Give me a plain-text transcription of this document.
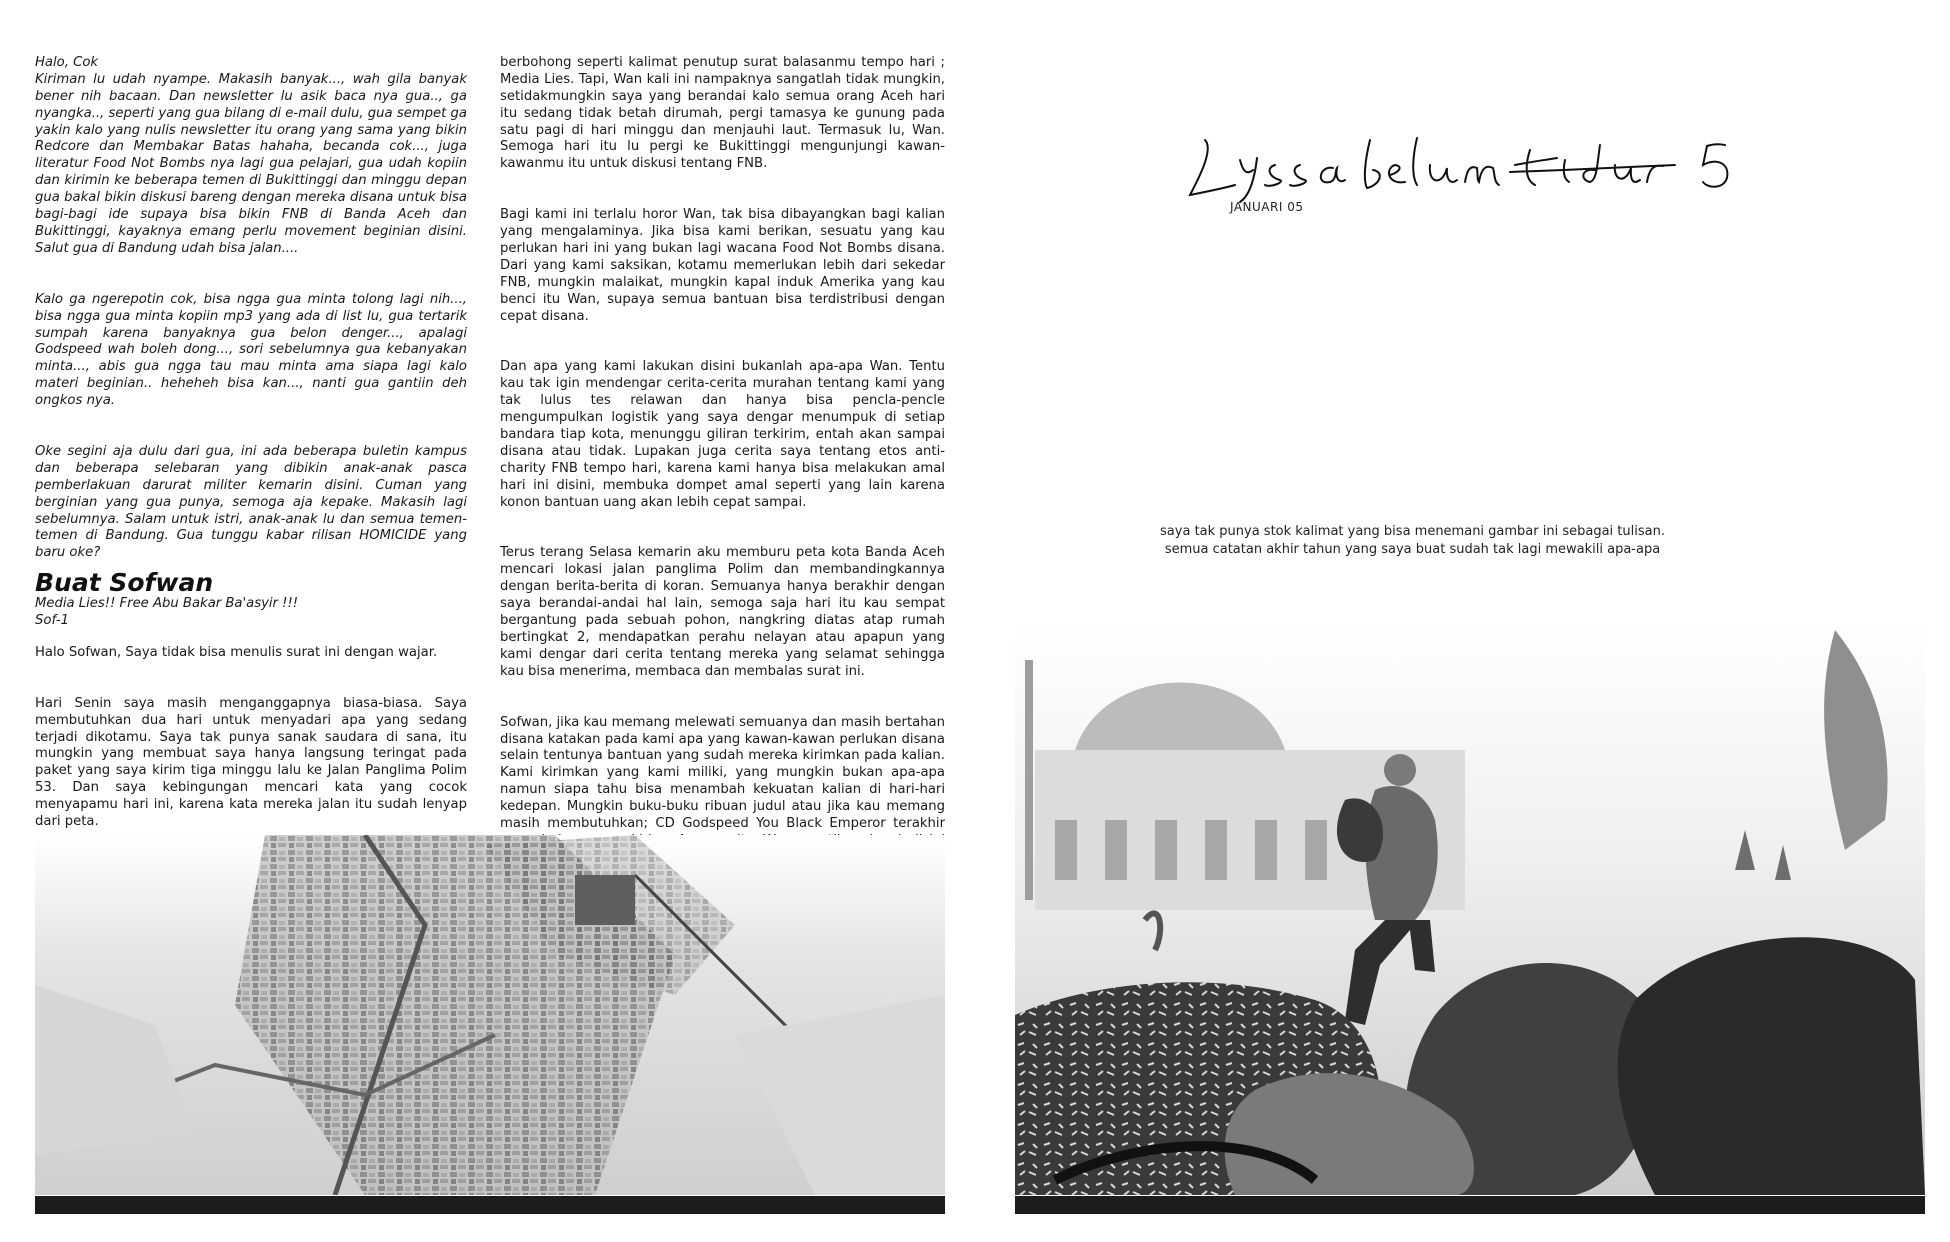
Halo, Cok
Kiriman lu udah nyampe. Makasih banyak..., wah gila banyak bener nih bacaan. Dan newsletter lu asik baca nya gua.., ga nyangka.., seperti yang gua bilang di e-mail dulu, gua sempet ga yakin kalo yang nulis newsletter itu orang yang sama yang bikin Redcore dan Membakar Batas hahaha, becanda cok..., juga literatur Food Not Bombs nya lagi gua pelajari, gua udah kopiin dan kirimin ke beberapa temen di Bukittinggi dan minggu depan gua bakal bikin diskusi bareng dengan mereka disana untuk bisa bagi-bagi ide supaya bisa bikin FNB di Banda Aceh dan Bukittinggi, kayaknya emang perlu movement beginian disini. Salut gua di Bandung udah bisa jalan....

Kalo ga ngerepotin cok, bisa ngga gua minta tolong lagi nih..., bisa ngga gua minta kopiin mp3 yang ada di list lu, gua tertarik sumpah karena banyaknya gua belon denger..., apalagi Godspeed wah boleh dong..., sori sebelumnya gua kebanyakan minta..., abis gua ngga tau mau minta ama siapa lagi kalo materi beginian.. heheheh bisa kan..., nanti gua gantiin deh ongkos nya.

Oke segini aja dulu dari gua, ini ada beberapa buletin kampus dan beberapa selebaran yang dibikin anak-anak pasca pemberlakuan darurat militer kemarin disini. Cuman yang berginian yang gua punya, semoga aja kepake. Makasih lagi sebelumnya. Salam untuk istri, anak-anak lu dan semua temen-temen di Bandung. Gua tunggu kabar rilisan HOMICIDE yang baru oke?

Media Lies!! Free Abu Bakar Ba'asyir !!!
Sof-1

Buat Sofwan

Halo Sofwan, Saya tidak bisa menulis surat ini dengan wajar.

Hari Senin saya masih menganggapnya biasa-biasa. Saya membutuhkan dua hari untuk menyadari apa yang sedang terjadi dikotamu. Saya tak punya sanak saudara di sana, itu mungkin yang membuat saya hanya langsung teringat pada paket yang saya kirim tiga minggu lalu ke Jalan Panglima Polim 53. Dan saya kebingungan mencari kata yang cocok menyapamu hari ini, karena kata mereka jalan itu sudah lenyap dari peta.

berbohong seperti kalimat penutup surat balasanmu tempo hari ; Media Lies. Tapi, Wan kali ini nampaknya sangatlah tidak mungkin, setidakmungkin saya yang berandai kalo semua orang Aceh hari itu sedang tidak betah dirumah, pergi tamasya ke gunung pada satu pagi di hari minggu dan menjauhi laut. Termasuk lu, Wan. Semoga hari itu lu pergi ke Bukittinggi mengunjungi kawan-kawanmu itu untuk diskusi tentang FNB.

Bagi kami ini terlalu horor Wan, tak bisa dibayangkan bagi kalian yang mengalaminya. Jika bisa kami berikan, sesuatu yang kau perlukan hari ini yang bukan lagi wacana Food Not Bombs disana. Dari yang kami saksikan, kotamu memerlukan lebih dari sekedar FNB, mungkin malaikat, mungkin kapal induk Amerika yang kau benci itu Wan, supaya semua bantuan bisa terdistribusi dengan cepat disana.

Dan apa yang kami lakukan disini bukanlah apa-apa Wan. Tentu kau tak igin mendengar cerita-cerita murahan tentang kami yang tak lulus tes relawan dan hanya bisa pencla-pencle mengumpulkan logistik yang saya dengar menumpuk di setiap bandara tiap kota, menunggu giliran terkirim, entah akan sampai disana atau tidak. Lupakan juga cerita saya tentang etos anti-charity FNB tempo hari, karena kami hanya bisa melakukan amal hari ini disini, membuka dompet amal seperti yang lain karena konon bantuan uang akan lebih cepat sampai.

Terus terang Selasa kemarin aku memburu peta kota Banda Aceh mencari lokasi jalan panglima Polim dan membandingkannya dengan berita-berita di koran. Semuanya hanya berakhir dengan saya berandai-andai hal lain, semoga saja hari itu kau sempat bergantung pada sebuah pohon, nangkring diatas atap rumah bertingkat 2, mendapatkan perahu nelayan atau apapun yang kami dengar dari cerita tentang mereka yang selamat sehingga kau bisa menerima, membaca dan membalas surat ini.

Sofwan, jika kau memang melewati semuanya dan masih bertahan disana katakan pada kami apa yang kawan-kawan perlukan disana selain tentunya bantuan yang sudah mereka kirimkan pada kalian. Kami kirimkan yang kami miliki, yang mungkin bukan apa-apa namun siapa tahu bisa menambah kekuatan kalian di hari-hari kedepan. Mungkin buku-buku ribuan judul atau jika kau memang masih membutuhkan; CD Godspeed You Black Emperor terakhir

JANUARI 05
saya tak punya stok kalimat yang bisa menemani gambar ini sebagai tulisan.
semua catatan akhir tahun yang saya buat sudah tak lagi mewakili apa-apa
